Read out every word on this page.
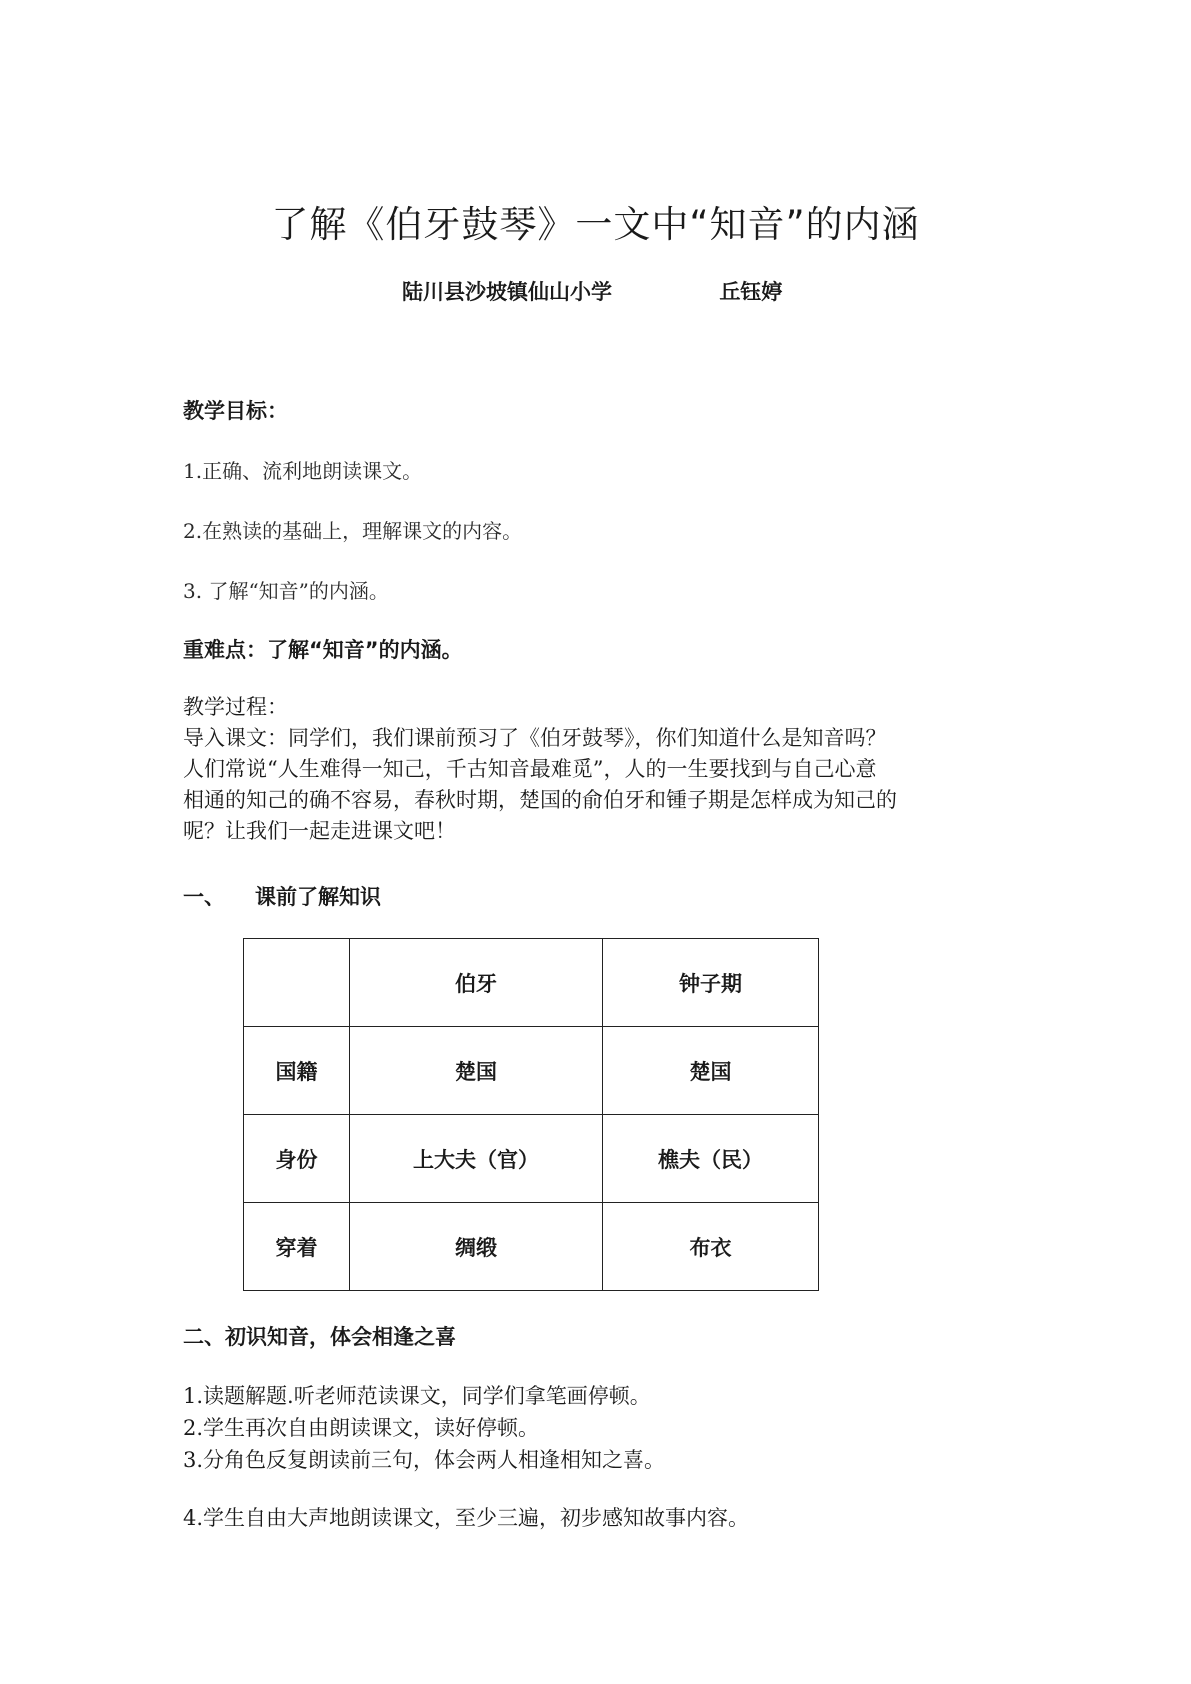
了解《伯牙鼓琴》一文中“知音”的内涵
陆川县沙坡镇仙山小学	丘钰婷
教学目标：
1.正确、流利地朗读课文。
2.在熟读的基础上，理解课文的内容。
3. 了解“知音”的内涵。
重难点：了解“知音”的内涵。
教学过程：
导入课文：同学们，我们课前预习了《伯牙鼓琴》，你们知道什么是知音吗？
人们常说“人生难得一知己，千古知音最难觅”，人的一生要找到与自己心意
相通的知己的确不容易，春秋时期，楚国的俞伯牙和锺子期是怎样成为知己的
呢？让我们一起走进课文吧！
一、 课前了解知识
	伯牙	钟子期
国籍	楚国	楚国
身份	上大夫（官）	樵夫（民）
穿着	绸缎	布衣
二、初识知音，体会相逢之喜
1.读题解题.听老师范读课文，同学们拿笔画停顿。
2.学生再次自由朗读课文，读好停顿。
3.分角色反复朗读前三句，体会两人相逢相知之喜。
4.学生自由大声地朗读课文，至少三遍，初步感知故事内容。
